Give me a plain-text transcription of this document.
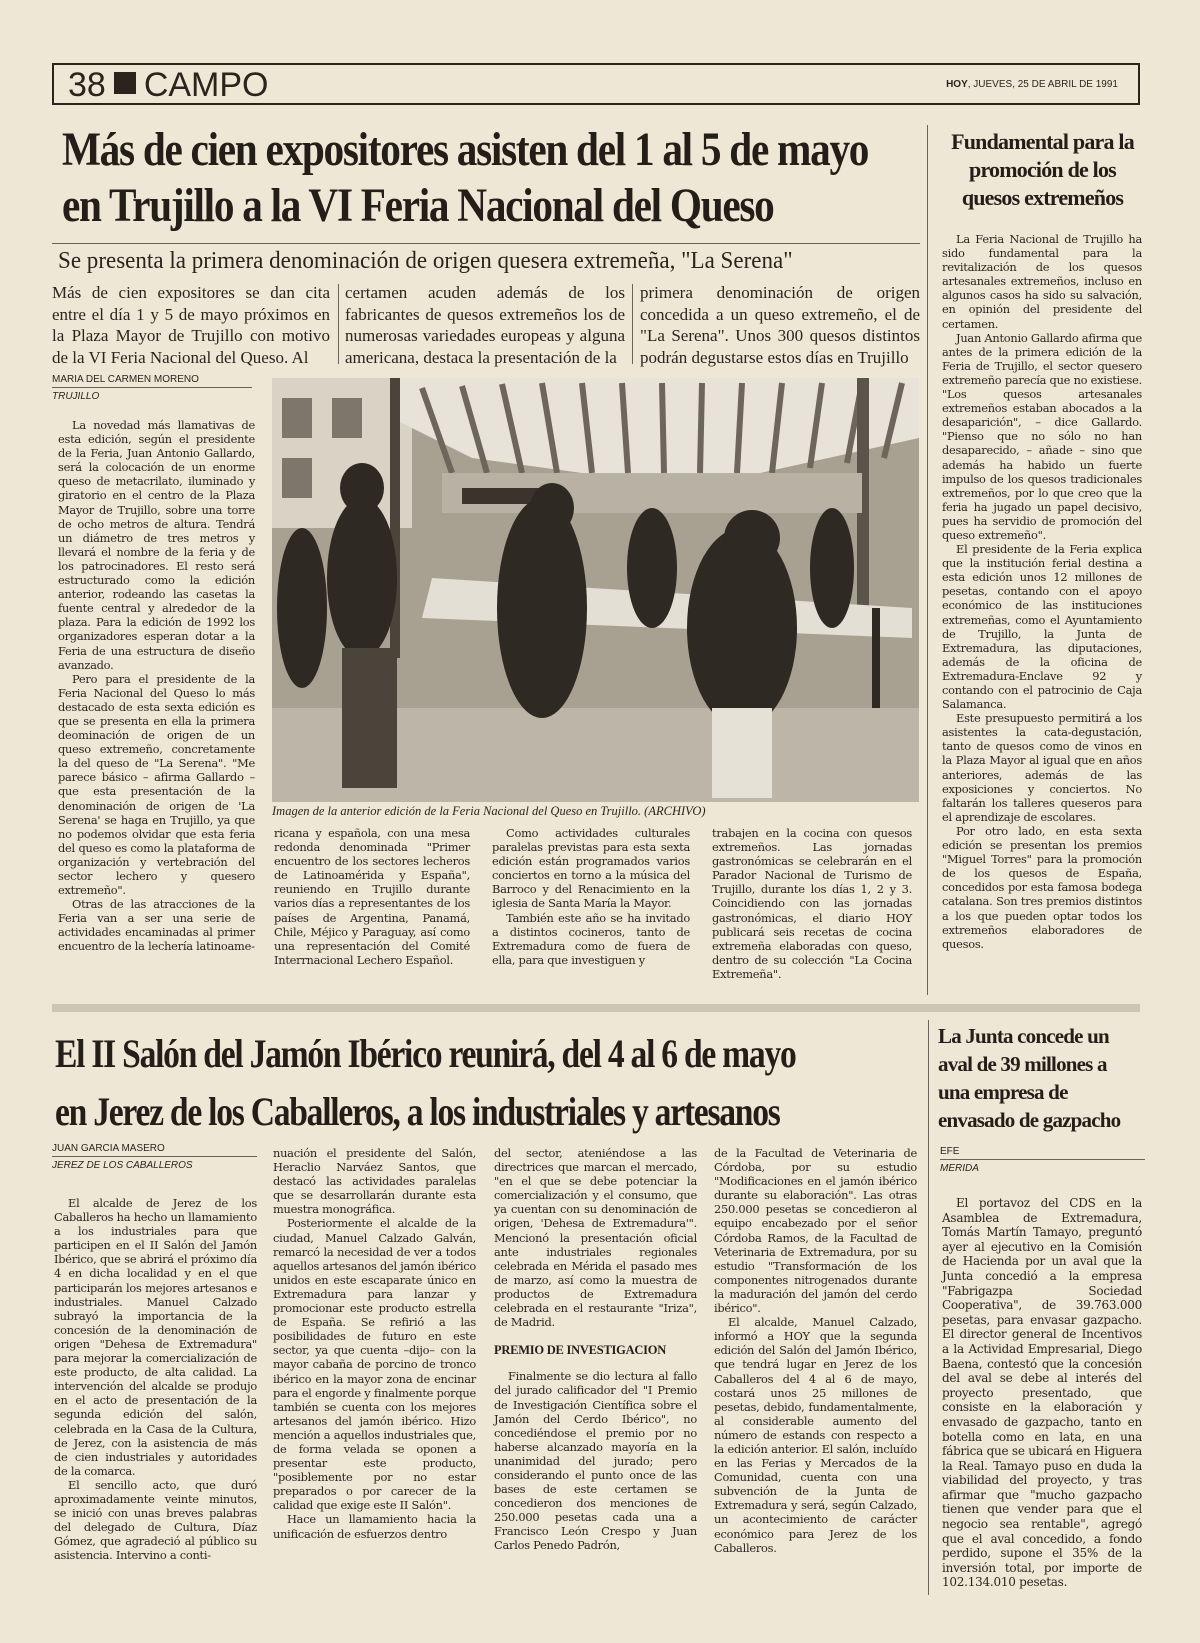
38 CAMPO	HOY, JUEVES, 25 DE ABRIL DE 1991
Más de cien expositores asisten del 1 al 5 de mayo
en Trujillo a la VI Feria Nacional del Queso
Se presenta la primera denominación de origen quesera extremeña, "La Serena"
Más de cien expositores se dan cita entre el día 1 y 5 de mayo próximos en la Plaza Mayor de Trujillo con motivo de la VI Feria Nacional del Queso. Al
certamen acuden además de los fabricantes de quesos extremeños los de numerosas variedades europeas y alguna americana, destaca la presentación de la
primera denominación de origen concedida a un queso extremeño, el de "La Serena". Unos 300 quesos distintos podrán degustarse estos días en Trujillo
MARIA DEL CARMEN MORENO
TRUJILLO

La novedad más llamativas de esta edición, según el presidente de la Feria, Juan Antonio Gallardo, será la colocación de un enorme queso de metacrilato, iluminado y giratorio en el centro de la Plaza Mayor de Trujillo, sobre una torre de ocho metros de altura. Tendrá un diámetro de tres metros y llevará el nombre de la feria y de los patrocinadores. El resto será estructurado como la edición anterior, rodeando las casetas la fuente central y alrededor de la plaza. Para la edición de 1992 los organizadores esperan dotar a la Feria de una estructura de diseño avanzado.

Pero para el presidente de la Feria Nacional del Queso lo más destacado de esta sexta edición es que se presenta en ella la primera deominación de origen de un queso extremeño, concretamente la del queso de "La Serena". "Me parece básico – afirma Gallardo – que esta presentación de la denominación de origen de 'La Serena' se haga en Trujillo, ya que no podemos olvidar que esta feria del queso es como la plataforma de organización y vertebración del sector lechero y quesero extremeño".

Otras de las atracciones de la Feria van a ser una serie de actividades encaminadas al primer encuentro de la lechería latinoame-

Imagen de la anterior edición de la Feria Nacional del Queso en Trujillo. (ARCHIVO)

ricana y española, con una mesa redonda denominada "Primer encuentro de los sectores lecheros de Latinoamérida y España", reuniendo en Trujillo durante varios días a representantes de los países de Argentina, Panamá, Chile, Méjico y Paraguay, así como una representación del Comité Interrnacional Lechero Español.

Como actividades culturales paralelas previstas para esta sexta edición están programados varios conciertos en torno a la música del Barroco y del Renacimiento en la iglesia de Santa María la Mayor.

También este año se ha invitado a distintos cocineros, tanto de Extremadura como de fuera de ella, para que investiguen y

trabajen en la cocina con quesos extremeños. Las jornadas gastronómicas se celebrarán en el Parador Nacional de Turismo de Trujillo, durante los días 1, 2 y 3. Coincidiendo con las jornadas gastronómicas, el diario HOY publicará seis recetas de cocina extremeña elaboradas con queso, dentro de su colección "La Cocina Extremeña".

Fundamental para la promoción de los quesos extremeños

La Feria Nacional de Trujillo ha sido fundamental para la revitalización de los quesos artesanales extremeños, incluso en algunos casos ha sido su salvación, en opinión del presidente del certamen.

Juan Antonio Gallardo afirma que antes de la primera edición de la Feria de Trujillo, el sector quesero extremeño parecía que no existiese. "Los quesos artesanales extremeños estaban abocados a la desaparición", – dice Gallardo. "Pienso que no sólo no han desaparecido, – añade – sino que además ha habido un fuerte impulso de los quesos tradicionales extremeños, por lo que creo que la feria ha jugado un papel decisivo, pues ha servidio de promoción del queso extremeño".

El presidente de la Feria explica que la institución ferial destina a esta edición unos 12 millones de pesetas, contando con el apoyo económico de las instituciones extremeñas, como el Ayuntamiento de Trujillo, la Junta de Extremadura, las diputaciones, además de la oficina de Extremadura-Enclave 92 y contando con el patrocinio de Caja Salamanca.

Este presupuesto permitirá a los asistentes la cata-degustación, tanto de quesos como de vinos en la Plaza Mayor al igual que en años anteriores, además de las exposiciones y conciertos. No faltarán los talleres queseros para el aprendizaje de escolares.

Por otro lado, en esta sexta edición se presentan los premios "Miguel Torres" para la promoción de los quesos de España, concedidos por esta famosa bodega catalana. Son tres premios distintos a los que pueden optar todos los extremeños elaboradores de quesos.

El II Salón del Jamón Ibérico reunirá, del 4 al 6 de mayo
en Jerez de los Caballeros, a los industriales y artesanos
JUAN GARCIA MASERO
JEREZ DE LOS CABALLEROS

El alcalde de Jerez de los Caballeros ha hecho un llamamiento a los industriales para que participen en el II Salón del Jamón Ibérico, que se abrirá el próximo día 4 en dicha localidad y en el que participarán los mejores artesanos e industriales. Manuel Calzado subrayó la importancia de la concesión de la denominación de origen "Dehesa de Extremadura" para mejorar la comercialización de este producto, de alta calidad. La intervención del alcalde se produjo en el acto de presentación de la segunda edición del salón, celebrada en la Casa de la Cultura, de Jerez, con la asistencia de más de cien industriales y autoridades de la comarca.

El sencillo acto, que duró aproximadamente veinte minutos, se inició con unas breves palabras del delegado de Cultura, Díaz Gómez, que agradeció al público su asistencia. Intervino a conti-

nuación el presidente del Salón, Heraclio Narváez Santos, que destacó las actividades paralelas que se desarrollarán durante esta muestra monográfica.

Posteriormente el alcalde de la ciudad, Manuel Calzado Galván, remarcó la necesidad de ver a todos aquellos artesanos del jamón ibérico unidos en este escaparate único en Extremadura para lanzar y promocionar este producto estrella de España. Se refirió a las posibilidades de futuro en este sector, ya que cuenta –dijo– con la mayor cabaña de porcino de tronco ibérico en la mayor zona de encinar para el engorde y finalmente porque también se cuenta con los mejores artesanos del jamón ibérico. Hizo mención a aquellos industriales que, de forma velada se oponen a presentar este producto, "posiblemente por no estar preparados o por carecer de la calidad que exige este II Salón".

Hace un llamamiento hacia la unificación de esfuerzos dentro

del sector, ateniéndose a las directrices que marcan el mercado, "en el que se debe potenciar la comercialización y el consumo, que ya cuentan con su denominación de origen, 'Dehesa de Extremadura'". Mencionó la presentación oficial ante industriales regionales celebrada en Mérida el pasado mes de marzo, así como la muestra de productos de Extremadura celebrada en el restaurante "Iriza", de Madrid.

PREMIO DE INVESTIGACION

Finalmente se dio lectura al fallo del jurado calificador del "I Premio de Investigación Científica sobre el Jamón del Cerdo Ibérico", no concediéndose el premio por no haberse alcanzado mayoría en la unanimidad del jurado; pero considerando el punto once de las bases de este certamen se concedieron dos menciones de 250.000 pesetas cada una a Francisco León Crespo y Juan Carlos Penedo Padrón,

de la Facultad de Veterinaria de Córdoba, por su estudio "Modificaciones en el jamón ibérico durante su elaboración". Las otras 250.000 pesetas se concedieron al equipo encabezado por el señor Córdoba Ramos, de la Facultad de Veterinaria de Extremadura, por su estudio "Transformación de los componentes nitrogenados durante la maduración del jamón del cerdo ibérico".

El alcalde, Manuel Calzado, informó a HOY que la segunda edición del Salón del Jamón Ibérico, que tendrá lugar en Jerez de los Caballeros del 4 al 6 de mayo, costará unos 25 millones de pesetas, debido, fundamentalmente, al considerable aumento del número de estands con respecto a la edición anterior. El salón, incluído en las Ferias y Mercados de la Comunidad, cuenta con una subvención de la Junta de Extremadura y será, según Calzado, un acontecimiento de carácter económico para Jerez de los Caballeros.

La Junta concede un aval de 39 millones a una empresa de envasado de gazpacho
EFE
MERIDA

El portavoz del CDS en la Asamblea de Extremadura, Tomás Martín Tamayo, preguntó ayer al ejecutivo en la Comisión de Hacienda por un aval que la Junta concedió a la empresa "Fabrigazpa Sociedad Cooperativa", de 39.763.000 pesetas, para envasar gazpacho. El director general de Incentivos a la Actividad Empresarial, Diego Baena, contestó que la concesión del aval se debe al interés del proyecto presentado, que consiste en la elaboración y envasado de gazpacho, tanto en botella como en lata, en una fábrica que se ubicará en Higuera la Real. Tamayo puso en duda la viabilidad del proyecto, y tras afirmar que "mucho gazpacho tienen que vender para que el negocio sea rentable", agregó que el aval concedido, a fondo perdido, supone el 35% de la inversión total, por importe de 102.134.010 pesetas.
